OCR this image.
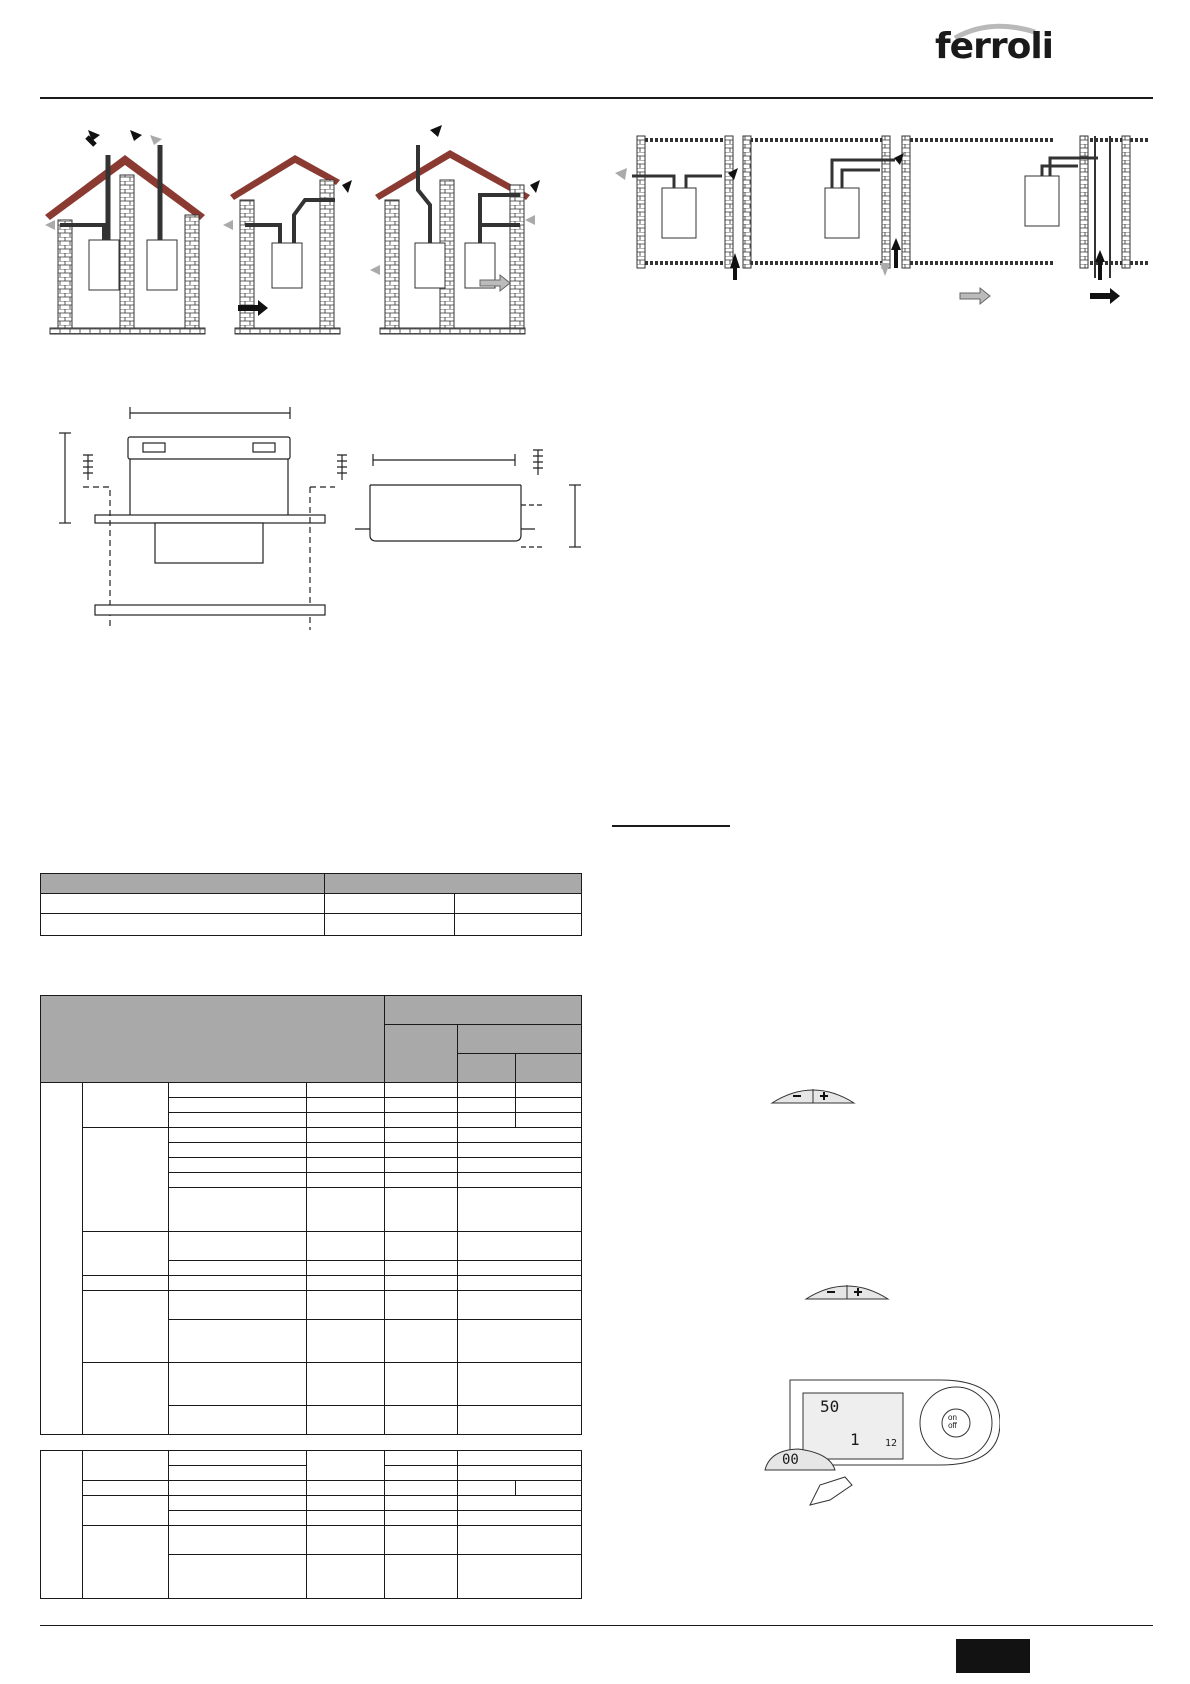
ferroli

50
1
00
12
on
off
